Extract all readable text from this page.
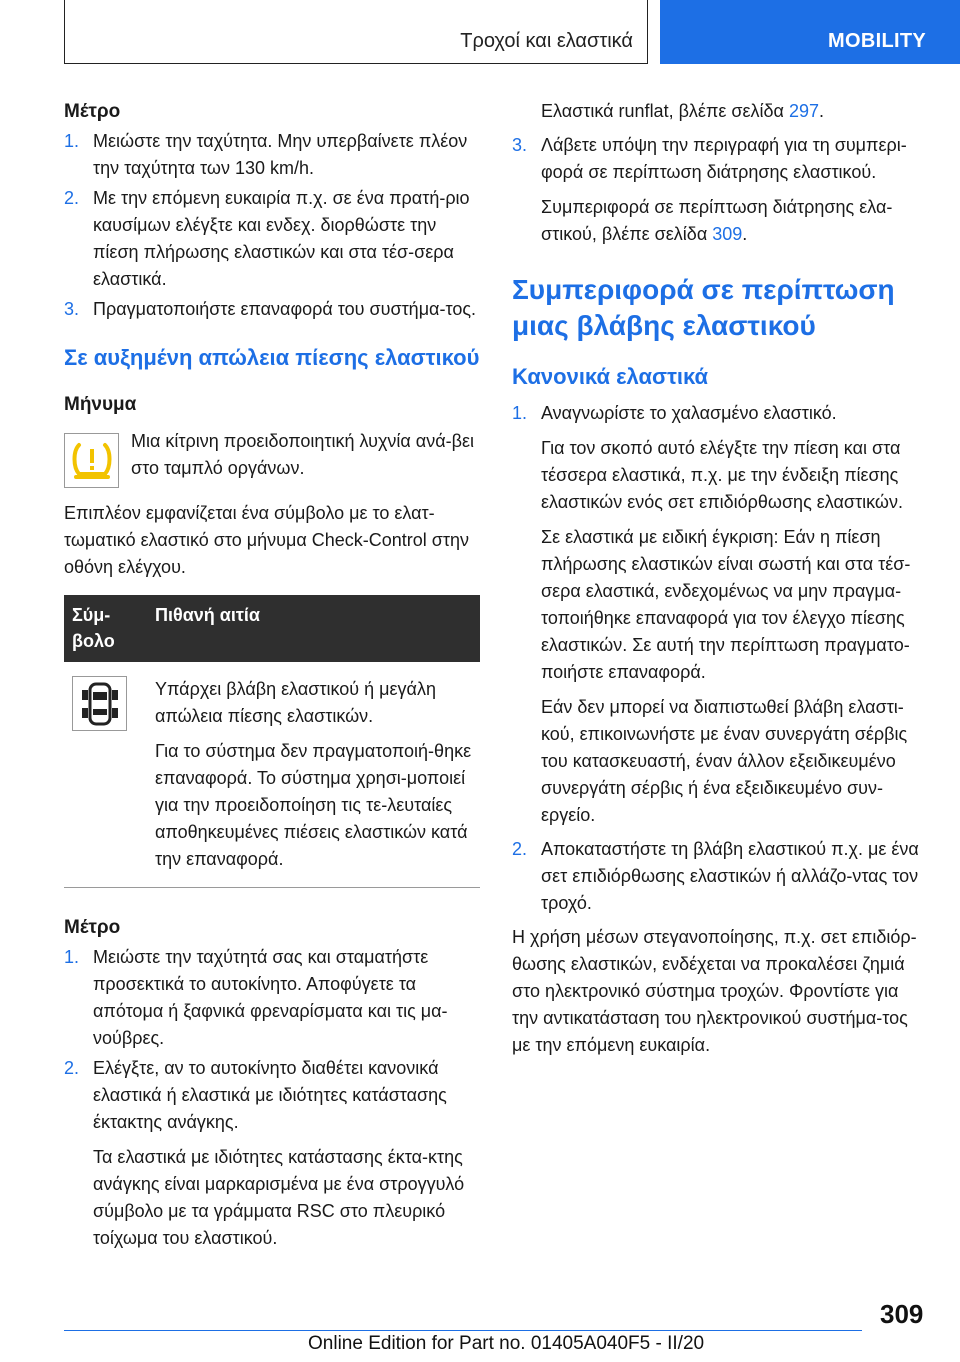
Τροχοί και ελαστικά	MOBILITY
Μέτρο
1. Μειώστε την ταχύτητα. Μην υπερβαίνετε πλέον την ταχύτητα των 130 km/h.
2. Με την επόμενη ευκαιρία π.χ. σε ένα πρατή‐ριο καυσίμων ελέγξτε και ενδεχ. διορθώστε την πίεση πλήρωσης ελαστικών και στα τέσ‐σερα ελαστικά.
3. Πραγματοποιήστε επαναφορά του συστήμα‐τος.
Σε αυξημένη απώλεια πίεσης ελαστικού
Μήνυμα
Μια κίτρινη προειδοποιητική λυχνία ανά‐βει στο ταμπλό οργάνων.
Επιπλέον εμφανίζεται ένα σύμβολο με το ελατ‐τωματικό ελαστικό στο μήνυμα Check-Control στην οθόνη ελέγχου.
Σύμ‐βολο	Πιθανή αιτία

Υπάρχει βλάβη ελαστικού ή μεγάλη απώλεια πίεσης ελαστικών.
Για το σύστημα δεν πραγματοποιή‐θηκε επαναφορά. Το σύστημα χρησι‐μοποιεί για την προειδοποίηση τις τε‐λευταίες αποθηκευμένες πιέσεις ελαστικών κατά την επαναφορά.
Μέτρο
1. Μειώστε την ταχύτητά σας και σταματήστε προσεκτικά το αυτοκίνητο. Αποφύγετε τα απότομα ή ξαφνικά φρεναρίσματα και τις μα‐νούβρες.
2. Ελέγξτε, αν το αυτοκίνητο διαθέτει κανονικά ελαστικά ή ελαστικά με ιδιότητες κατάστασης έκτακτης ανάγκης.
Τα ελαστικά με ιδιότητες κατάστασης έκτα‐κτης ανάγκης είναι μαρκαρισμένα με ένα στρογγυλό σύμβολο με τα γράμματα RSC στο πλευρικό τοίχωμα του ελαστικού.
Ελαστικά runflat, βλέπε σελίδα 297.
3. Λάβετε υπόψη την περιγραφή για τη συμπερι‐φορά σε περίπτωση διάτρησης ελαστικού.
Συμπεριφορά σε περίπτωση διάτρησης ελα‐στικού, βλέπε σελίδα 309.
Συμπεριφορά σε περίπτωση μιας βλάβης ελαστικού
Κανονικά ελαστικά
1. Αναγνωρίστε το χαλασμένο ελαστικό.
Για τον σκοπό αυτό ελέγξτε την πίεση και στα τέσσερα ελαστικά, π.χ. με την ένδειξη πίεσης ελαστικών ενός σετ επιδιόρθωσης ελαστικών.
Σε ελαστικά με ειδική έγκριση: Εάν η πίεση πλήρωσης ελαστικών είναι σωστή και στα τέσ‐σερα ελαστικά, ενδεχομένως να μην πραγμα‐τοποιήθηκε επαναφορά για τον έλεγχο πίεσης ελαστικών. Σε αυτή την περίπτωση πραγματο‐ποιήστε επαναφορά.
Εάν δεν μπορεί να διαπιστωθεί βλάβη ελαστι‐κού, επικοινωνήστε με έναν συνεργάτη σέρβις του κατασκευαστή, έναν άλλον εξειδικευμένο συνεργάτη σέρβις ή ένα εξειδικευμένο συν‐εργείο.
2. Αποκαταστήστε τη βλάβη ελαστικού π.χ. με ένα σετ επιδιόρθωσης ελαστικών ή αλλάζο‐ντας τον τροχό.
Η χρήση μέσων στεγανοποίησης, π.χ. σετ επιδιόρ‐θωσης ελαστικών, ενδέχεται να προκαλέσει ζημιά στο ηλεκτρονικό σύστημα τροχών. Φροντίστε για την αντικατάσταση του ηλεκτρονικού συστήμα‐τος με την επόμενη ευκαιρία.
309
Online Edition for Part no. 01405A040F5 - II/20
